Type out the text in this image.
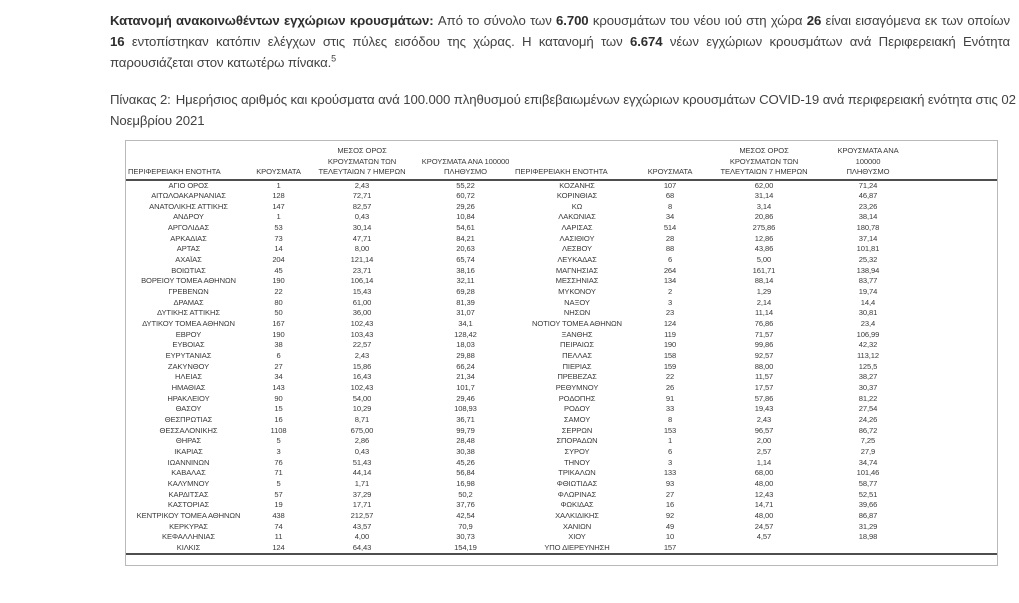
Κατανομή ανακοινωθέντων εγχώριων κρουσμάτων: Από το σύνολο των 6.700 κρουσμάτων του νέου ιού στη χώρα 26 είναι εισαγόμενα εκ των οποίων 16 εντοπίστηκαν κατόπιν ελέγχων στις πύλες εισόδου της χώρας. Η κατανομή των 6.674 νέων εγχώριων κρουσμάτων ανά Περιφερειακή Ενότητα παρουσιάζεται στον κατωτέρω πίνακα.$^5$

Πίνακας 2: Ημερήσιος αριθμός και κρούσματα ανά 100.000 πληθυσμού επιβεβαιωμένων εγχώριων κρουσμάτων COVID-19 ανά περιφερειακή ενότητα στις 02 Νοεμβρίου 2021

ΠΕΡΙΦΕΡΕΙΑΚΗ ΕΝΟΤΗΤΑ	ΚΡΟΥΣΜΑΤΑ	ΜΕΣΟΣ ΟΡΟΣ
ΚΡΟΥΣΜΑΤΩΝ ΤΩΝ
ΤΕΛΕΥΤΑΙΩΝ 7 ΗΜΕΡΩΝ	ΚΡΟΥΣΜΑΤΑ ΑΝΑ 100000
ΠΛΗΘΥΣΜΟ	ΠΕΡΙΦΕΡΕΙΑΚΗ ΕΝΟΤΗΤΑ	ΚΡΟΥΣΜΑΤΑ	ΜΕΣΟΣ ΟΡΟΣ
ΚΡΟΥΣΜΑΤΩΝ ΤΩΝ
ΤΕΛΕΥΤΑΙΩΝ 7 ΗΜΕΡΩΝ	ΚΡΟΥΣΜΑΤΑ ΑΝΑ 100000
ΠΛΗΘΥΣΜΟ	
ΑΓΙΟ ΟΡΟΣ	1	2,43	55,22	ΚΟΖΑΝΗΣ	107	62,00	71,24	
ΑΙΤΩΛΟΑΚΑΡΝΑΝΙΑΣ	128	72,71	60,72	ΚΟΡΙΝΘΙΑΣ	68	31,14	46,87	
ΑΝΑΤΟΛΙΚΗΣ ΑΤΤΙΚΗΣ	147	82,57	29,26	ΚΩ	8	3,14	23,26	
ΑΝΔΡΟΥ	1	0,43	10,84	ΛΑΚΩΝΙΑΣ	34	20,86	38,14	
ΑΡΓΟΛΙΔΑΣ	53	30,14	54,61	ΛΑΡΙΣΑΣ	514	275,86	180,78	
ΑΡΚΑΔΙΑΣ	73	47,71	84,21	ΛΑΣΙΘΙΟΥ	28	12,86	37,14	
ΑΡΤΑΣ	14	8,00	20,63	ΛΕΣΒΟΥ	88	43,86	101,81	
ΑΧΑΪΑΣ	204	121,14	65,74	ΛΕΥΚΑΔΑΣ	6	5,00	25,32	
ΒΟΙΩΤΙΑΣ	45	23,71	38,16	ΜΑΓΝΗΣΙΑΣ	264	161,71	138,94	
ΒΟΡΕΙΟΥ ΤΟΜΕΑ ΑΘΗΝΩΝ	190	106,14	32,11	ΜΕΣΣΗΝΙΑΣ	134	88,14	83,77	
ΓΡΕΒΕΝΩΝ	22	15,43	69,28	ΜΥΚΟΝΟΥ	2	1,29	19,74	
ΔΡΑΜΑΣ	80	61,00	81,39	ΝΑΞΟΥ	3	2,14	14,4	
ΔΥΤΙΚΗΣ ΑΤΤΙΚΗΣ	50	36,00	31,07	ΝΗΣΩΝ	23	11,14	30,81	
ΔΥΤΙΚΟΥ ΤΟΜΕΑ ΑΘΗΝΩΝ	167	102,43	34,1	ΝΟΤΙΟΥ ΤΟΜΕΑ ΑΘΗΝΩΝ	124	76,86	23,4	
ΕΒΡΟΥ	190	103,43	128,42	ΞΑΝΘΗΣ	119	71,57	106,99	
ΕΥΒΟΙΑΣ	38	22,57	18,03	ΠΕΙΡΑΙΩΣ	190	99,86	42,32	
ΕΥΡΥΤΑΝΙΑΣ	6	2,43	29,88	ΠΕΛΛΑΣ	158	92,57	113,12	
ΖΑΚΥΝΘΟΥ	27	15,86	66,24	ΠΙΕΡΙΑΣ	159	88,00	125,5	
ΗΛΕΙΑΣ	34	16,43	21,34	ΠΡΕΒΕΖΑΣ	22	11,57	38,27	
ΗΜΑΘΙΑΣ	143	102,43	101,7	ΡΕΘΥΜΝΟΥ	26	17,57	30,37	
ΗΡΑΚΛΕΙΟΥ	90	54,00	29,46	ΡΟΔΟΠΗΣ	91	57,86	81,22	
ΘΑΣΟΥ	15	10,29	108,93	ΡΟΔΟΥ	33	19,43	27,54	
ΘΕΣΠΡΩΤΙΑΣ	16	8,71	36,71	ΣΑΜΟΥ	8	2,43	24,26	
ΘΕΣΣΑΛΟΝΙΚΗΣ	1108	675,00	99,79	ΣΕΡΡΩΝ	153	96,57	86,72	
ΘΗΡΑΣ	5	2,86	28,48	ΣΠΟΡΑΔΩΝ	1	2,00	7,25	
ΙΚΑΡΙΑΣ	3	0,43	30,38	ΣΥΡΟΥ	6	2,57	27,9	
ΙΩΑΝΝΙΝΩΝ	76	51,43	45,26	ΤΗΝΟΥ	3	1,14	34,74	
ΚΑΒΑΛΑΣ	71	44,14	56,84	ΤΡΙΚΑΛΩΝ	133	68,00	101,46	
ΚΑΛΥΜΝΟΥ	5	1,71	16,98	ΦΘΙΩΤΙΔΑΣ	93	48,00	58,77	
ΚΑΡΔΙΤΣΑΣ	57	37,29	50,2	ΦΛΩΡΙΝΑΣ	27	12,43	52,51	
ΚΑΣΤΟΡΙΑΣ	19	17,71	37,76	ΦΩΚΙΔΑΣ	16	14,71	39,66	
ΚΕΝΤΡΙΚΟΥ ΤΟΜΕΑ ΑΘΗΝΩΝ	438	212,57	42,54	ΧΑΛΚΙΔΙΚΗΣ	92	48,00	86,87	
ΚΕΡΚΥΡΑΣ	74	43,57	70,9	ΧΑΝΙΩΝ	49	24,57	31,29	
ΚΕΦΑΛΛΗΝΙΑΣ	11	4,00	30,73	ΧΙΟΥ	10	4,57	18,98	
ΚΙΛΚΙΣ	124	64,43	154,19	ΥΠΟ ΔΙΕΡΕΥΝΗΣΗ	157			
